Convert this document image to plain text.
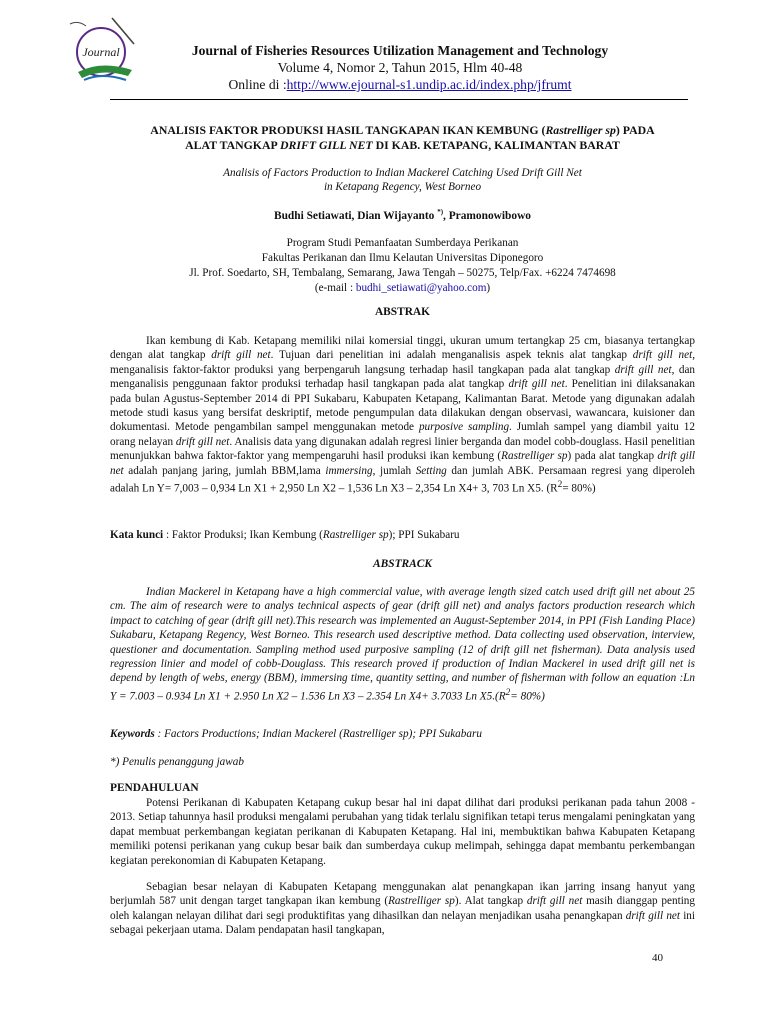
Journal	Journal of Fisheries Resources Utilization Management and Technology
Volume 4, Nomor 2, Tahun 2015, Hlm 40-48
Online di :http://www.ejournal-s1.undip.ac.id/index.php/jfrumt
ANALISIS FAKTOR PRODUKSI HASIL TANGKAPAN IKAN KEMBUNG (Rastrelliger sp) PADA
ALAT TANGKAP DRIFT GILL NET DI KAB. KETAPANG, KALIMANTAN BARAT
Analisis of Factors Production to Indian Mackerel Catching Used Drift Gill Net
in Ketapang Regency, West Borneo
Budhi Setiawati, Dian Wijayanto *), Pramonowibowo
Program Studi Pemanfaatan Sumberdaya Perikanan
Fakultas Perikanan dan Ilmu Kelautan Universitas Diponegoro
Jl. Prof. Soedarto, SH, Tembalang, Semarang, Jawa Tengah – 50275, Telp/Fax. +6224 7474698
(e-mail : budhi_setiawati@yahoo.com)
ABSTRAK
Ikan kembung di Kab. Ketapang memiliki nilai komersial tinggi, ukuran umum tertangkap 25 cm, biasanya tertangkap dengan alat tangkap drift gill net. Tujuan dari penelitian ini adalah menganalisis aspek teknis alat tangkap drift gill net, menganalisis faktor-faktor produksi yang berpengaruh langsung terhadap hasil tangkapan pada alat tangkap drift gill net, dan menganalisis penggunaan faktor produksi terhadap hasil tangkapan pada alat tangkap drift gill net. Penelitian ini dilaksanakan pada bulan Agustus-September 2014 di PPI Sukabaru, Kabupaten Ketapang, Kalimantan Barat. Metode yang digunakan adalah metode studi kasus yang bersifat deskriptif, metode pengumpulan data dilakukan dengan observasi, wawancara, kuisioner dan dokumentasi. Metode pengambilan sampel menggunakan metode purposive sampling. Jumlah sampel yang diambil yaitu 12 orang nelayan drift gill net. Analisis data yang digunakan adalah regresi linier berganda dan model cobb-douglass. Hasil penelitian menunjukkan bahwa faktor-faktor yang mempengaruhi hasil produksi ikan kembung (Rastrelliger sp) pada alat tangkap drift gill net adalah panjang jaring, jumlah BBM,lama immersing, jumlah Setting dan jumlah ABK. Persamaan regresi yang diperoleh adalah Ln Y= 7,003 – 0,934 Ln X1 + 2,950 Ln X2 – 1,536 Ln X3 – 2,354 Ln X4+ 3, 703 Ln X5. $(R^2= 80\%)$
Kata kunci : Faktor Produksi; Ikan Kembung (Rastrelliger sp); PPI Sukabaru
ABSTRACK
Indian Mackerel in Ketapang have a high commercial value, with average length sized catch used drift gill net about 25 cm. The aim of research were to analys technical aspects of gear (drift gill net) and analys factors production research which impact to catching of gear (drift gill net).This research was implemented an August-September 2014, in PPI (Fish Landing Place) Sukabaru, Ketapang Regency, West Borneo. This research used descriptive method. Data collecting used observation, interview, questioner and documentation. Sampling method used purposive sampling (12 of drift gill net fisherman). Data analysis used regression linier and model of cobb-Douglass. This research proved if production of Indian Mackerel in used drift gill net is depend by length of webs, energy (BBM), immersing time, quantity setting, and number of fisherman with follow an equation :Ln Y = 7.003 – 0.934 Ln X1 + 2.950 Ln X2 – 1.536 Ln X3 – 2.354 Ln X4+ 3.7033 Ln $X5.(R^2= 80\%)$
Keywords : Factors Productions; Indian Mackerel (Rastrelliger sp); PPI Sukabaru
*) Penulis penanggung jawab
PENDAHULUAN
Potensi Perikanan di Kabupaten Ketapang cukup besar hal ini dapat dilihat dari produksi perikanan pada tahun 2008 - 2013. Setiap tahunnya hasil produksi mengalami perubahan yang tidak terlalu signifikan tetapi terus mengalami peningkatan yang dapat membuat perkembangan kegiatan perikanan di Kabupaten Ketapang. Hal ini, membuktikan bahwa Kabupaten Ketapang memiliki potensi perikanan yang cukup besar baik dan sumberdaya cukup melimpah, sehingga dapat membantu perkembangan kegiatan perekonomian di Kabupaten Ketapang.
Sebagian besar nelayan di Kabupaten Ketapang menggunakan alat penangkapan ikan jarring insang hanyut yang berjumlah 587 unit dengan target tangkapan ikan kembung (Rastrelliger sp). Alat tangkap drift gill net masih dianggap penting oleh kalangan nelayan dilihat dari segi produktifitas yang dihasilkan dan nelayan menjadikan usaha penangkapan drift gill net ini sebagai pekerjaan utama. Dalam pendapatan hasil tangkapan,
40
